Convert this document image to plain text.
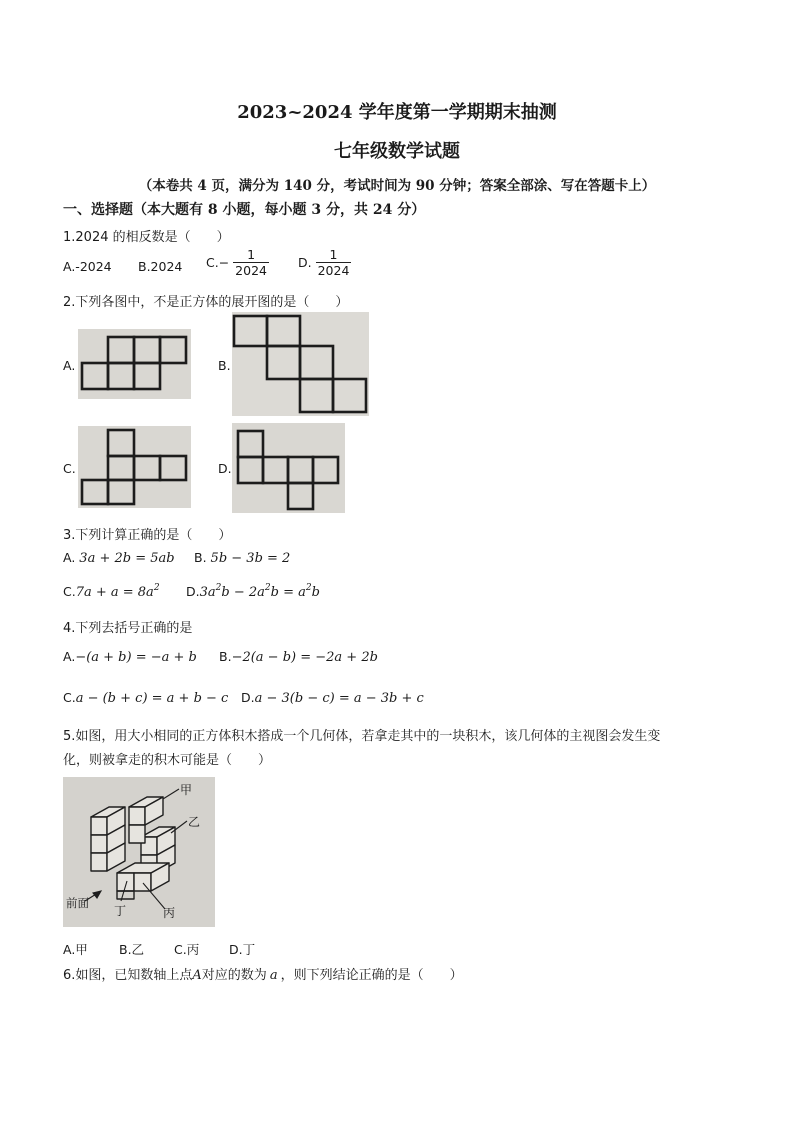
2023~2024 学年度第一学期期末抽测
七年级数学试题
（本卷共 4 页，满分为 140 分，考试时间为 90 分钟；答案全部涂、写在答题卡上）
一、选择题（本大题有 8 小题，每小题 3 分，共 24 分）
1.2024 的相反数是（　　）
A.-2024 B.2024 $C.- \frac{1}{2024} D$. $\frac{1}{2024}$
2.下列各图中，不是正方体的展开图的是（　　）
A.	B.
C.	D.
3.下列计算正确的是（　　）
A. 3a + 2b = 5ab B. 5b − 3b = 2
$C.7a + a = 8a^2$ $D.3a^2b - 2a^2b = a^2b$
4.下列去括号正确的是
A.−(a + b) = −a + b B.−2(a − b) = −2a + 2b
C.a − (b + c) = a + b − c D.a − 3(b − c) = a − 3b + c
5.如图，用大小相同的正方体积木搭成一个几何体，若拿走其中的一块积木，该几何体的主视图会发生变
化，则被拿走的积木可能是（　　）
甲
乙
丁	丙
前面
A.甲 B.乙 C.丙 D.丁
6.如图，已知数轴上点A对应的数为 a ，则下列结论正确的是（　　）
